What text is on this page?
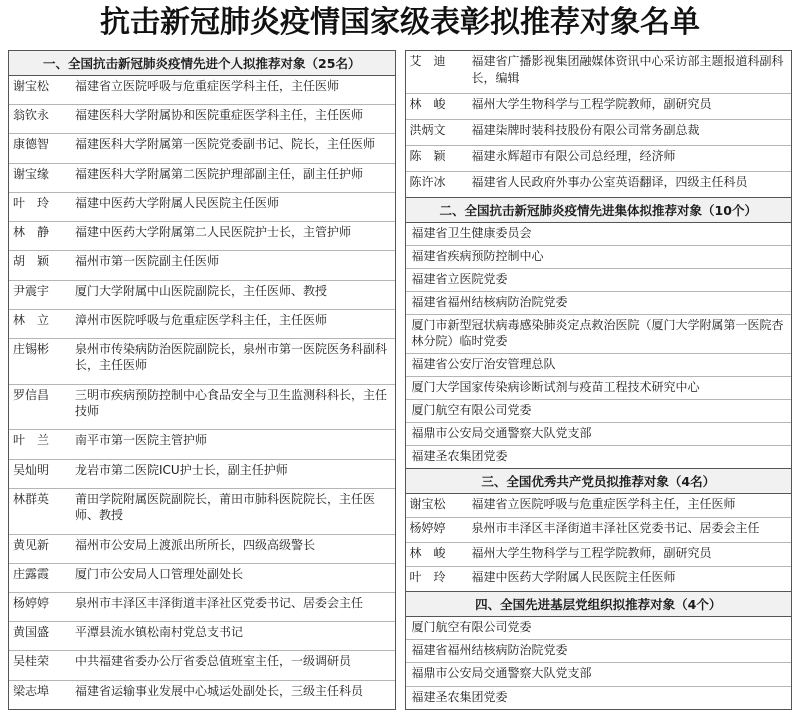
抗击新冠肺炎疫情国家级表彰拟推荐对象名单
一、全国抗击新冠肺炎疫情先进个人拟推荐对象（25名）
谢宝松	福建省立医院呼吸与危重症医学科主任，主任医师
翁钦永	福建医科大学附属协和医院重症医学科主任，主任医师
康德智	福建医科大学附属第一医院党委副书记、院长，主任医师
谢宝缘	福建医科大学附属第二医院护理部副主任，副主任护师
叶　玲	福建中医药大学附属人民医院主任医师
林　静	福建中医药大学附属第二人民医院护士长，主管护师
胡　颖	福州市第一医院副主任医师
尹震宇	厦门大学附属中山医院副院长，主任医师、教授
林　立	漳州市医院呼吸与危重症医学科主任，主任医师
庄锡彬	泉州市传染病防治医院副院长，泉州市第一医院医务科副科长，主任医师
罗信昌	三明市疾病预防控制中心食品安全与卫生监测科科长，主任技师
叶　兰	南平市第一医院主管护师
吴灿明	龙岩市第二医院ICU护士长，副主任护师
林群英	莆田学院附属医院副院长，莆田市肺科医院院长，主任医师、教授
黄见新	福州市公安局上渡派出所所长，四级高级警长
庄露霞	厦门市公安局人口管理处副处长
杨婷婷	泉州市丰泽区丰泽街道丰泽社区党委书记、居委会主任
黄国盛	平潭县流水镇松南村党总支书记
吴桂荣	中共福建省委办公厅省委总值班室主任，一级调研员
梁志埠	福建省运输事业发展中心城运处副处长，三级主任科员
艾　迪	福建省广播影视集团融媒体资讯中心采访部主题报道科副科长，编辑
林　峻	福州大学生物科学与工程学院教师，副研究员
洪炳文	福建柒牌时装科技股份有限公司常务副总裁
陈　颖	福建永辉超市有限公司总经理，经济师
陈许冰	福建省人民政府外事办公室英语翻译，四级主任科员
二、全国抗击新冠肺炎疫情先进集体拟推荐对象（10个）
福建省卫生健康委员会
福建省疾病预防控制中心
福建省立医院党委
福建省福州结核病防治院党委
厦门市新型冠状病毒感染肺炎定点救治医院（厦门大学附属第一医院杏林分院）临时党委
福建省公安厅治安管理总队
厦门大学国家传染病诊断试剂与疫苗工程技术研究中心
厦门航空有限公司党委
福鼎市公安局交通警察大队党支部
福建圣农集团党委
三、全国优秀共产党员拟推荐对象（4名）
谢宝松	福建省立医院呼吸与危重症医学科主任，主任医师
杨婷婷	泉州市丰泽区丰泽街道丰泽社区党委书记、居委会主任
林　峻	福州大学生物科学与工程学院教师，副研究员
叶　玲	福建中医药大学附属人民医院主任医师
四、全国先进基层党组织拟推荐对象（4个）
厦门航空有限公司党委
福建省福州结核病防治院党委
福鼎市公安局交通警察大队党支部
福建圣农集团党委
